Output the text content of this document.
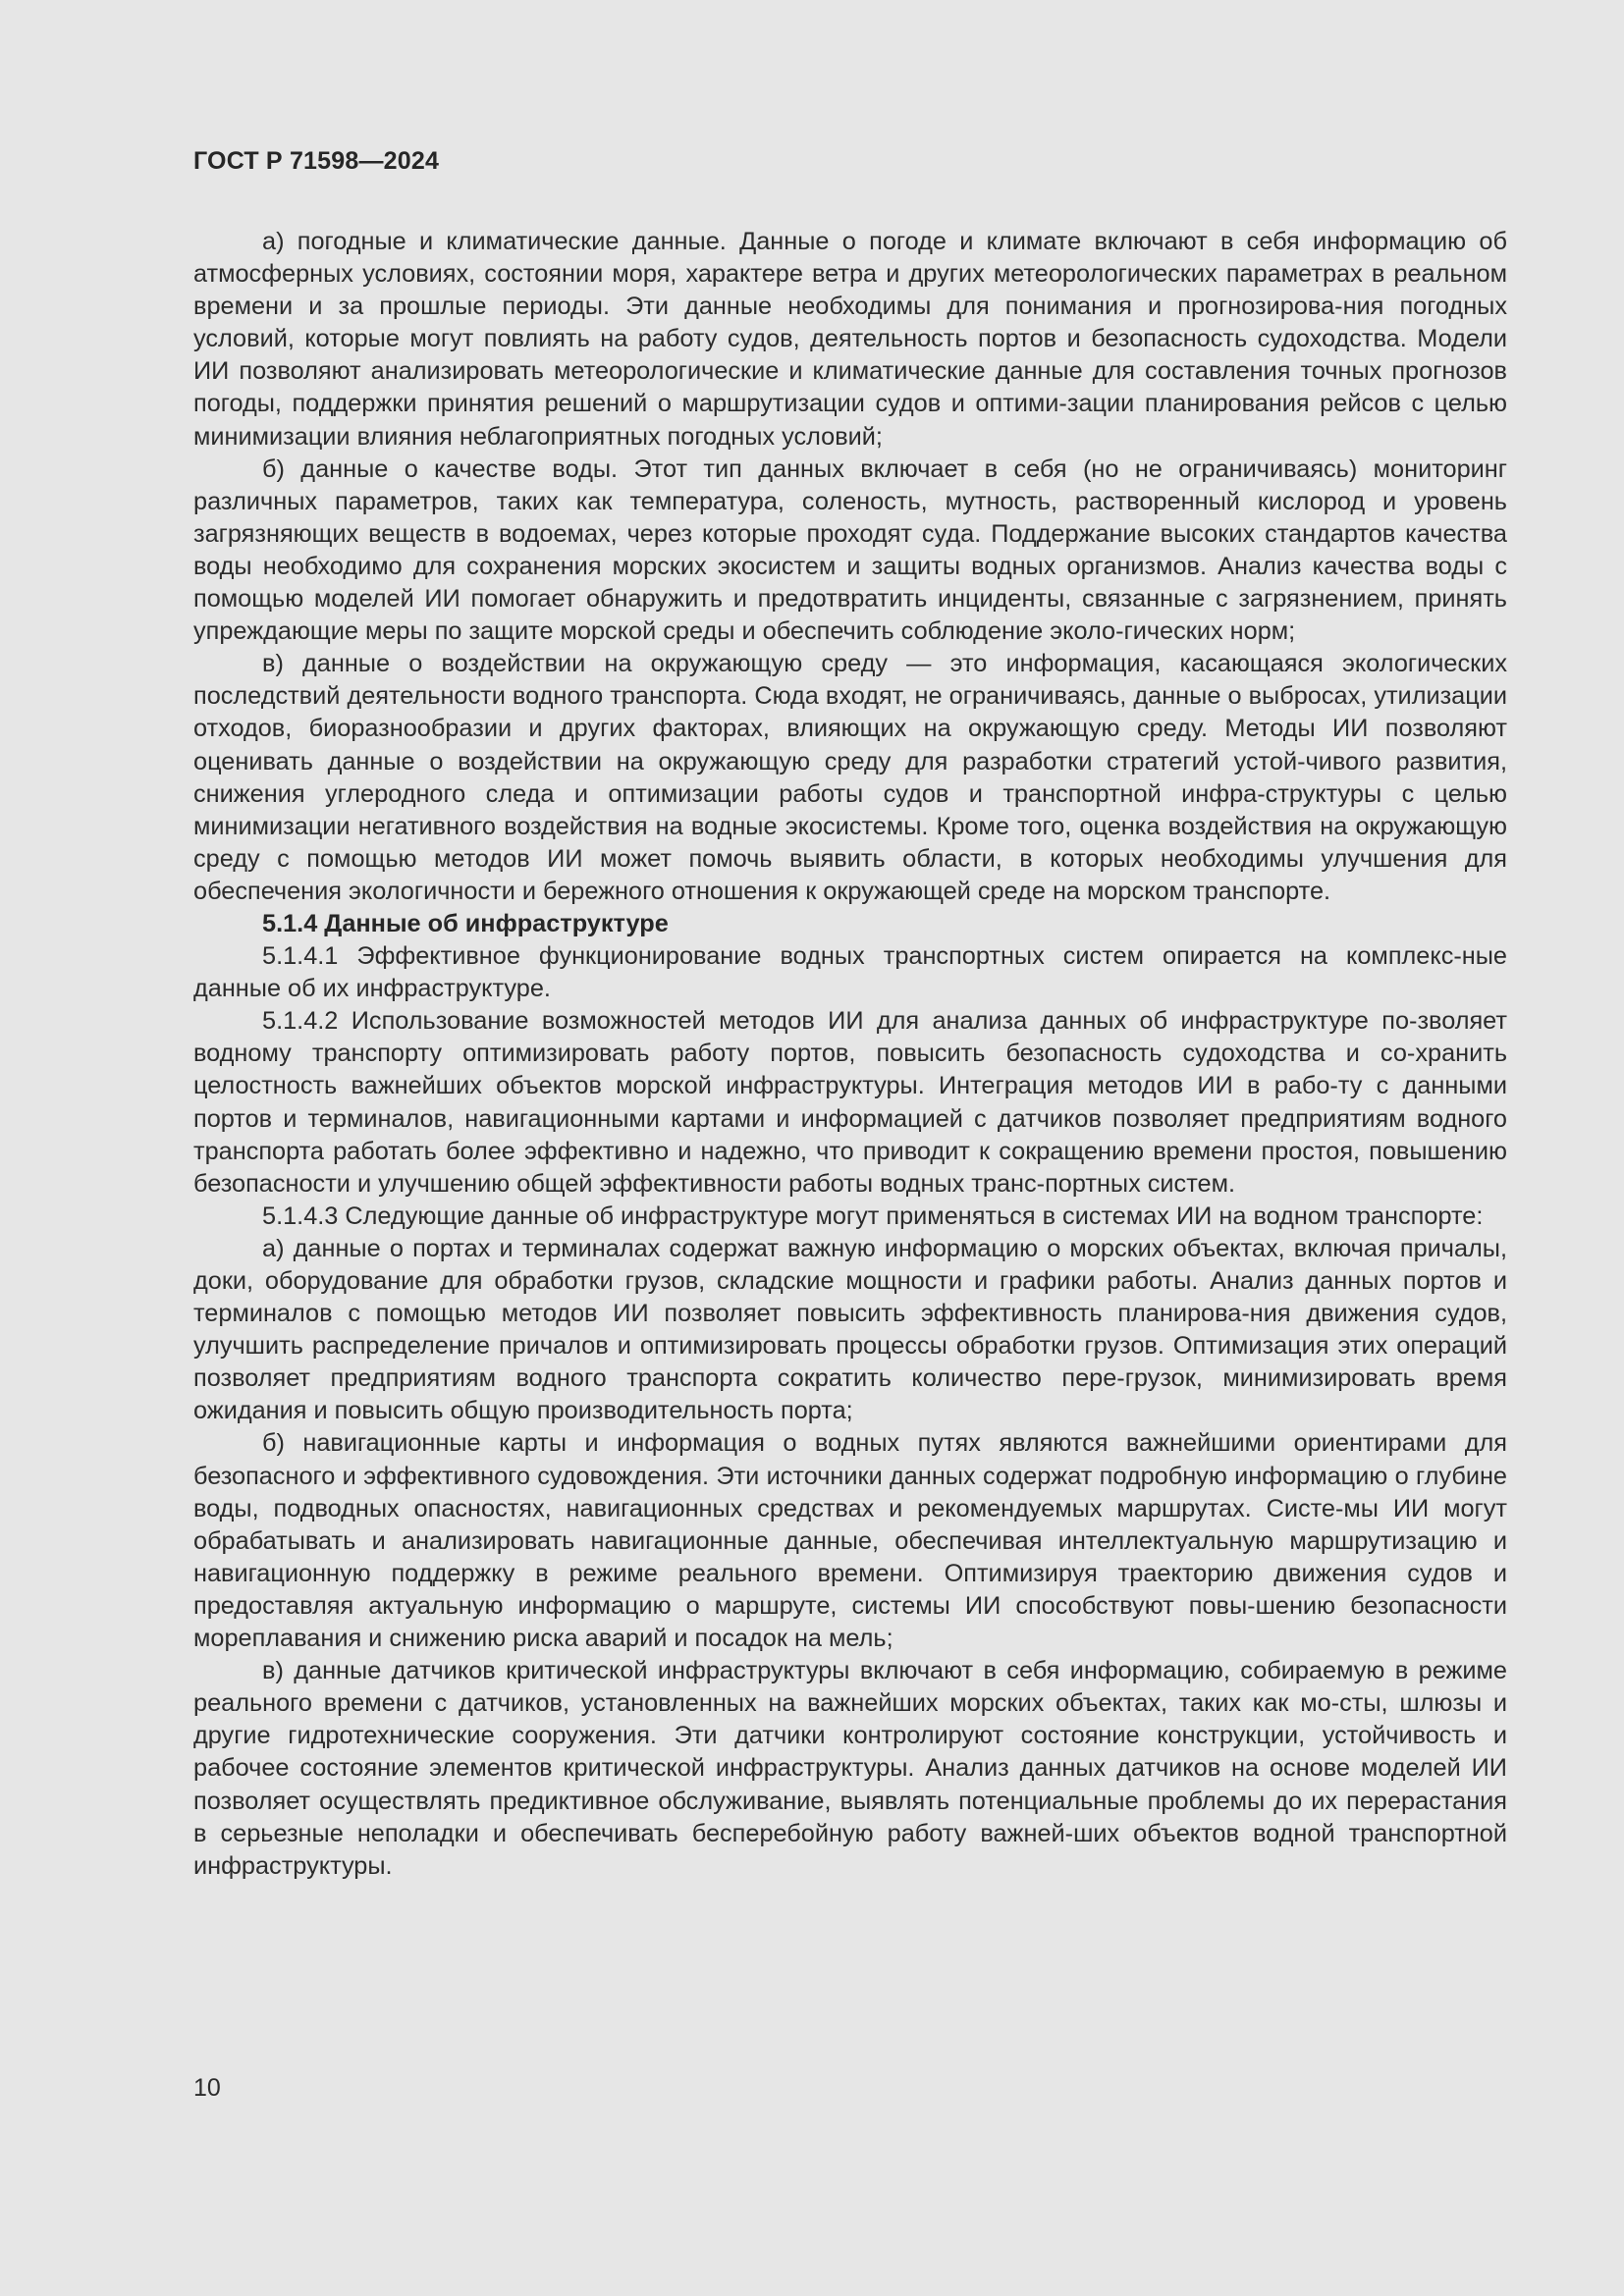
ГОСТ Р 71598—2024

а) погодные и климатические данные. Данные о погоде и климате включают в себя информацию об атмосферных условиях, состоянии моря, характере ветра и других метеорологических параметрах в реальном времени и за прошлые периоды. Эти данные необходимы для понимания и прогнозирова-ния погодных условий, которые могут повлиять на работу судов, деятельность портов и безопасность судоходства. Модели ИИ позволяют анализировать метеорологические и климатические данные для составления точных прогнозов погоды, поддержки принятия решений о маршрутизации судов и оптими-зации планирования рейсов с целью минимизации влияния неблагоприятных погодных условий;

б) данные о качестве воды. Этот тип данных включает в себя (но не ограничиваясь) мониторинг различных параметров, таких как температура, соленость, мутность, растворенный кислород и уровень загрязняющих веществ в водоемах, через которые проходят суда. Поддержание высоких стандартов качества воды необходимо для сохранения морских экосистем и защиты водных организмов. Анализ качества воды с помощью моделей ИИ помогает обнаружить и предотвратить инциденты, связанные с загрязнением, принять упреждающие меры по защите морской среды и обеспечить соблюдение эколо-гических норм;

в) данные о воздействии на окружающую среду — это информация, касающаяся экологических последствий деятельности водного транспорта. Сюда входят, не ограничиваясь, данные о выбросах, утилизации отходов, биоразнообразии и других факторах, влияющих на окружающую среду. Методы ИИ позволяют оценивать данные о воздействии на окружающую среду для разработки стратегий устой-чивого развития, снижения углеродного следа и оптимизации работы судов и транспортной инфра-структуры с целью минимизации негативного воздействия на водные экосистемы. Кроме того, оценка воздействия на окружающую среду с помощью методов ИИ может помочь выявить области, в которых необходимы улучшения для обеспечения экологичности и бережного отношения к окружающей среде на морском транспорте.

5.1.4 Данные об инфраструктуре

5.1.4.1 Эффективное функционирование водных транспортных систем опирается на комплекс-ные данные об их инфраструктуре.

5.1.4.2 Использование возможностей методов ИИ для анализа данных об инфраструктуре по-зволяет водному транспорту оптимизировать работу портов, повысить безопасность судоходства и со-хранить целостность важнейших объектов морской инфраструктуры. Интеграция методов ИИ в рабо-ту с данными портов и терминалов, навигационными картами и информацией с датчиков позволяет предприятиям водного транспорта работать более эффективно и надежно, что приводит к сокращению времени простоя, повышению безопасности и улучшению общей эффективности работы водных транс-портных систем.

5.1.4.3 Следующие данные об инфраструктуре могут применяться в системах ИИ на водном транспорте:

а) данные о портах и терминалах содержат важную информацию о морских объектах, включая причалы, доки, оборудование для обработки грузов, складские мощности и графики работы. Анализ данных портов и терминалов с помощью методов ИИ позволяет повысить эффективность планирова-ния движения судов, улучшить распределение причалов и оптимизировать процессы обработки грузов. Оптимизация этих операций позволяет предприятиям водного транспорта сократить количество пере-грузок, минимизировать время ожидания и повысить общую производительность порта;

б) навигационные карты и информация о водных путях являются важнейшими ориентирами для безопасного и эффективного судовождения. Эти источники данных содержат подробную информацию о глубине воды, подводных опасностях, навигационных средствах и рекомендуемых маршрутах. Систе-мы ИИ могут обрабатывать и анализировать навигационные данные, обеспечивая интеллектуальную маршрутизацию и навигационную поддержку в режиме реального времени. Оптимизируя траекторию движения судов и предоставляя актуальную информацию о маршруте, системы ИИ способствуют повы-шению безопасности мореплавания и снижению риска аварий и посадок на мель;

в) данные датчиков критической инфраструктуры включают в себя информацию, собираемую в режиме реального времени с датчиков, установленных на важнейших морских объектах, таких как мо-сты, шлюзы и другие гидротехнические сооружения. Эти датчики контролируют состояние конструкции, устойчивость и рабочее состояние элементов критической инфраструктуры. Анализ данных датчиков на основе моделей ИИ позволяет осуществлять предиктивное обслуживание, выявлять потенциальные проблемы до их перерастания в серьезные неполадки и обеспечивать бесперебойную работу важней-ших объектов водной транспортной инфраструктуры.

10
